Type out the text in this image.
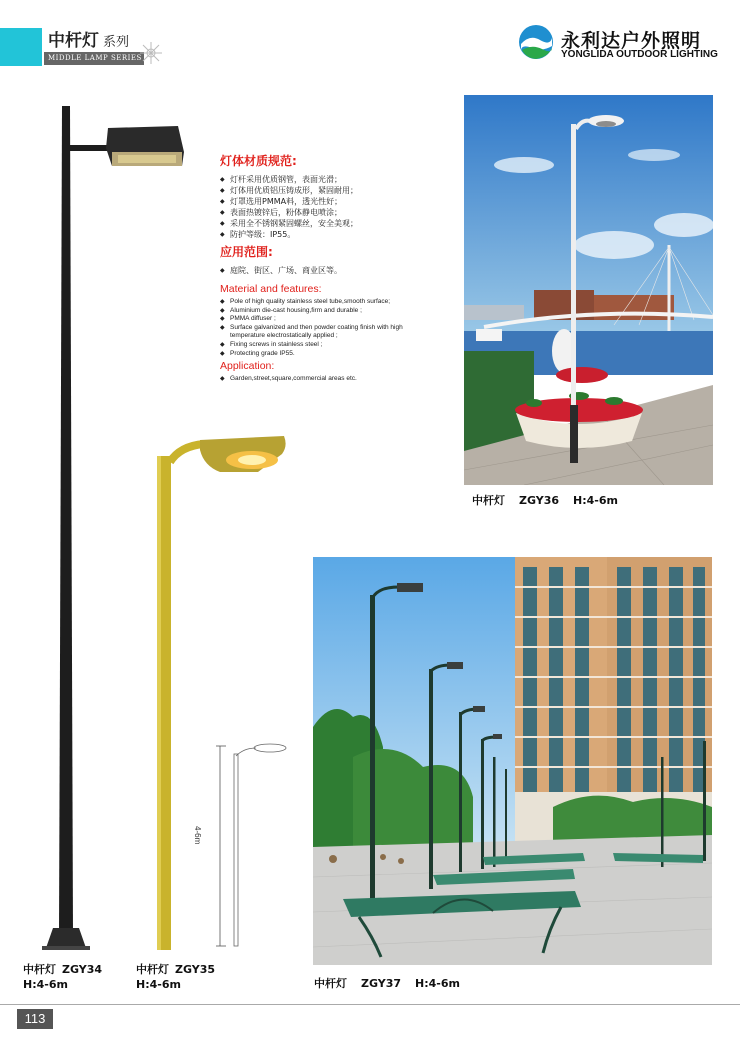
中杆灯 系列
MIDDLE LAMP SERIES
永利达户外照明
YONGLIDA OUTDOOR LIGHTING
4-6m
灯体材质规范:
◆ 灯杆采用优质钢管，表面光滑；
◆ 灯体用优质铝压铸成形，紧固耐用；
◆ 灯罩选用PMMA料，透光性好；
◆ 表面热镀锌后，粉体静电喷涂；
◆ 采用全不锈钢紧固螺丝，安全美观；
◆ 防护等级：IP55。
应用范围:
◆ 庭院、街区、广场、商业区等。
Material and features:
◆ Pole of high quality stainless steel tube,smooth surface;
◆ Aluminium die-cast housing,firm and durable ;
◆ PMMA diffuser ;
◆ Surface galvanized and then powder coating finish with high temperature electrostatically applied ;
◆ Fixing screws in stainless steel ;
◆ Protecting grade IP55.
Application:
◆ Garden,street,square,commercial areas etc.
中杆灯 ZGY36 H:4-6m
中杆灯 ZGY34
H:4-6m
中杆灯 ZGY35
H:4-6m	中杆灯 ZGY37 H:4-6m
113
